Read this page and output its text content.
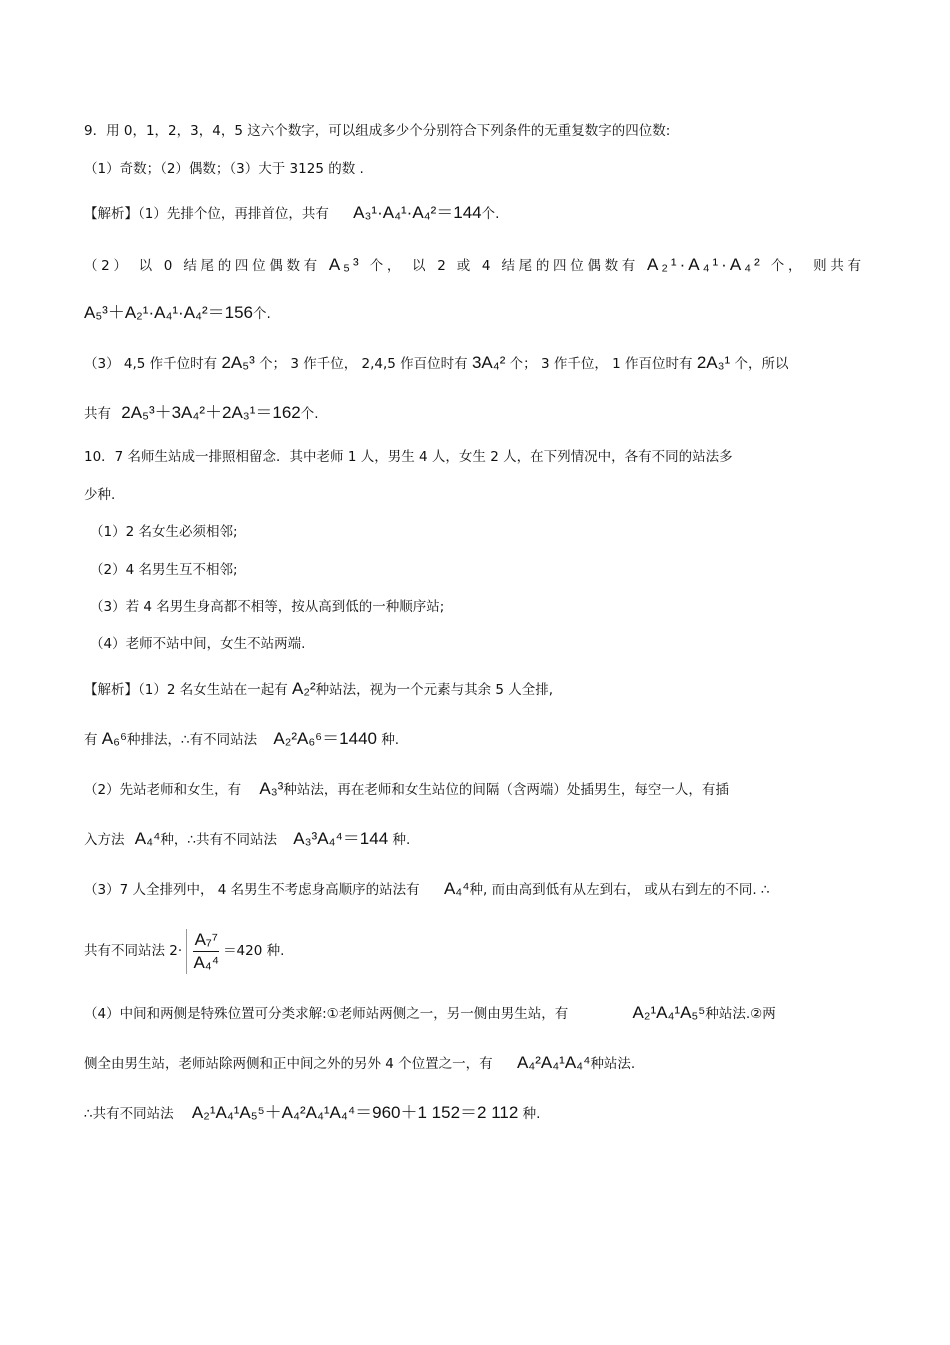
9．用 0，1，2，3，4，5 这六个数字，可以组成多少个分别符合下列条件的无重复数字的四位数:
（1）奇数；（2）偶数；（3）大于 3125 的数 .
【解析】（1）先排个位，再排首位，共有 A₃¹·A₄¹·A₄²＝144个.
（2） 以 0 结尾的四位偶数有 A₅³ 个， 以 2 或 4 结尾的四位偶数有 A₂¹·A₄¹·A₄² 个， 则共有
A₅³＋A₂¹·A₄¹·A₄²＝156个.
（3） 4,5 作千位时有 2A₅³ 个； 3 作千位， 2,4,5 作百位时有 3A₄² 个； 3 作千位， 1 作百位时有 2A₃¹ 个，所以
共有 2A₅³＋3A₄²＋2A₃¹＝162个.
10．7 名师生站成一排照相留念．其中老师 1 人，男生 4 人，女生 2 人，在下列情况中，各有不同的站法多
少种.
（1）2 名女生必须相邻;
（2）4 名男生互不相邻;
（3）若 4 名男生身高都不相等，按从高到低的一种顺序站;
（4）老师不站中间，女生不站两端.
【解析】（1）2 名女生站在一起有 A₂²种站法，视为一个元素与其余 5 人全排,
有 A₆⁶种排法，∴有不同站法 A₂²A₆⁶＝1440 种.
（2）先站老师和女生，有 A₃³种站法，再在老师和女生站位的间隔（含两端）处插男生，每空一人，有插
入方法 A₄⁴种，∴共有不同站法 A₃³A₄⁴＝144 种.
（3）7 人全排列中， 4 名男生不考虑身高顺序的站法有 A₄⁴种, 而由高到低有从左到右， 或从右到左的不同. ∴
共有不同站法 $2\cdot \frac{\text{A₇⁷}}{\text{A₄⁴}} =420$ 种.
（4）中间和两侧是特殊位置可分类求解:①老师站两侧之一，另一侧由男生站，有	A₂¹A₄¹A₅⁵种站法.②两
侧全由男生站，老师站除两侧和正中间之外的另外 4 个位置之一，有 A₄²A₄¹A₄⁴种站法.
∴共有不同站法 A₂¹A₄¹A₅⁵＋A₄²A₄¹A₄⁴＝960＋1 152＝2 112 种.
